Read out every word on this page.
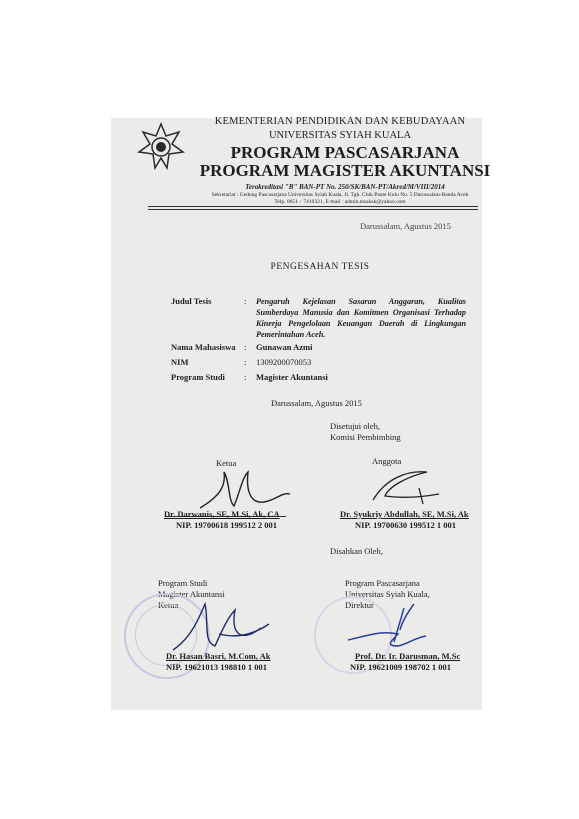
KEMENTERIAN PENDIDIKAN DAN KEBUDAYAAN
UNIVERSITAS SYIAH KUALA
PROGRAM PASCASARJANA
PROGRAM MAGISTER AKUNTANSI
Terakreditasi "B" BAN-PT No. 250/SK/BAN-PT/Akred/M/VIII/2014
Sekretariat : Gedung Pascasarjana Universitas Syiah Kuala, Jl. Tgk. Chik Pante Kulu No. 5 Darussalam-Banda Aceh
Telp. 0651 – 7410321, E-mail : admin.msaksk@yahoo.com
Darussalam, Agustus 2015
PENGESAHAN TESIS
Judul Tesis	: Pengaruh Kejelasan Sasaran Anggaran, Kualitas Sumberdaya Manusia dan Komitmen Organisasi Terhadap Kinerja Pengelolaan Keuangan Daerah di Lingkungan Pemerintahan Aceh.
Nama Mahasiswa : Gunawan Azmi
NIM	: 1309200070053
Program Studi : Magister Akuntansi
Darussalam, Agustus 2015
Disetujui oleh,
Komisi Pembimbing
Ketua	Anggota
Dr. Darwanis, SE, M.Si, Ak, CA
NIP. 19700618 199512 2 001
Dr. Syukriy Abdullah, SE, M.Si, Ak
NIP. 19700630 199512 1 001
Disahkan Oleh,
Program Studi
Magister Akuntansi
Ketua
Program Pascasarjana
Universitas Syiah Kuala,
Direktur
Dr. Hasan Basri, M.Com, Ak
NIP. 19621013 198810 1 001
Prof. Dr. Ir. Darusman, M.Sc
NIP. 19621009 198702 1 001
